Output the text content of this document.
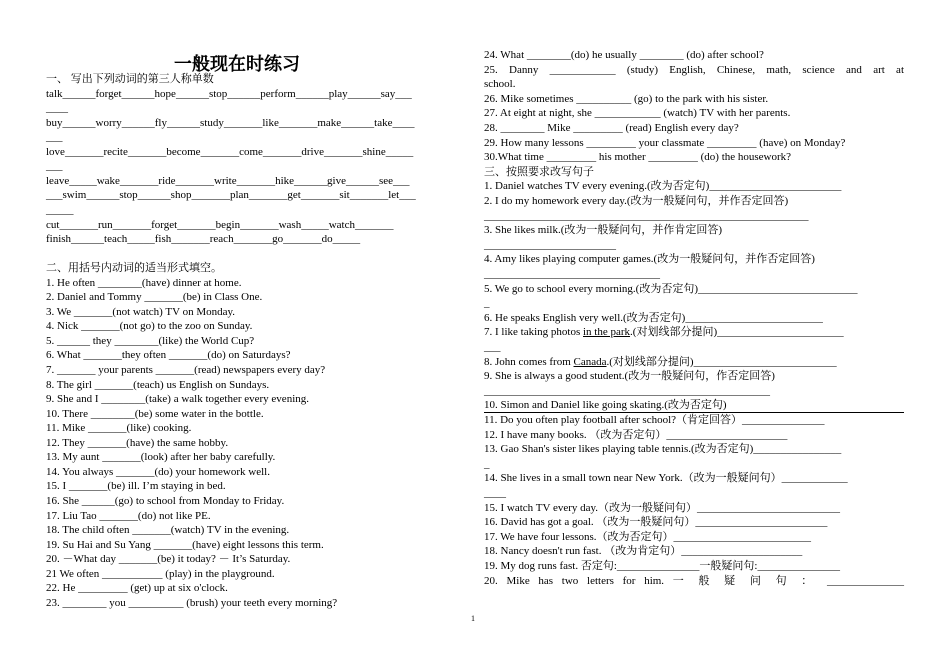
一般现在时练习
一、 写出下列动词的第三人称单数
talk______forget______hope______stop______perform______play______say___
____
buy______worry______fly______study_______like_______make______take____
___
love_______recite_______become_______come_______drive_______shine_____
___
leave_____wake_______ride_______write_______hike______give______see___
___swim______stop______shop_______plan_______get_______sit_______let___
_____
cut_______run_______forget_______begin_______wash_____watch_______
finish______teach_____fish_______reach_______go_______do_____
二、用括号内动词的适当形式填空。
1. He often ________(have) dinner at home.
2. Daniel and Tommy _______(be) in Class One.
3. We _______(not watch) TV on Monday.
4. Nick _______(not go) to the zoo on Sunday.
5. ______ they ________(like) the World Cup?
6. What _______they often _______(do) on Saturdays?
7. _______ your parents _______(read) newspapers every day?
8. The girl _______(teach) us English on Sundays.
9. She and I ________(take) a walk together every evening.
10. There ________(be) some water in the bottle.
11. Mike _______(like) cooking.
12. They _______(have) the same hobby.
13. My aunt _______(look) after her baby carefully.
14. You always _______(do) your homework well.
15. I _______(be) ill. I’m staying in bed.
16. She ______(go) to school from Monday to Friday.
17. Liu Tao _______(do) not like PE.
18. The child often _______(watch) TV in the evening.
19. Su Hai and Su Yang _______(have) eight lessons this term.
20. －What day _______(be) it today? － It’s Saturday.
21 We often ___________ (play) in the playground.
22. He _________ (get) up at six o'clock.
23. ________ you __________ (brush) your teeth every morning?
24. What ________(do) he usually ________ (do) after school?
25. Danny ____________ (study) English, Chinese, math, science and art at
school.
26. Mike sometimes __________ (go) to the park with his sister.
27. At eight at night, she ____________ (watch) TV with her parents.
28. ________ Mike _________ (read) English every day?
29. How many lessons _________ your classmate _________ (have) on Monday?
30.What time _________ his mother _________ (do) the housework?
三、按照要求改写句子
1. Daniel watches TV every evening.(改为否定句)________________________
2. I do my homework every day.(改为一般疑问句，并作否定回答)
___________________________________________________________
3. She likes milk.(改为一般疑问句，并作肯定回答)
________________________
4. Amy likes playing computer games.(改为一般疑问句，并作否定回答)
________________________________
5. We go to school every morning.(改为否定句)_____________________________
_
6. He speaks English very well.(改为否定句)_________________________
7. I like taking photos in the park.(对划线部分提问)_______________________
___
8. John comes from Canada.(对划线部分提问)__________________________
9. She is always a good student.(改为一般疑问句，作否定回答)
____________________________________________________
10. Simon and Daniel like going skating.(改为否定句)
11. Do you often play football after school?（肯定回答）_______________
12. I have many books. （改为否定句）______________________
13. Gao Shan's sister likes playing table tennis.(改为否定句)________________
_
14. She lives in a small town near New York.（改为一般疑问句）____________
____
15. I watch TV every day.（改为一般疑问句）__________________________
16. David has got a goal. （改为一般疑问句）________________________
17. We have four lessons.（改为否定句）_________________________
18. Nancy doesn't run fast. （改为肯定句）______________________
19. My dog runs fast. 否定句:_______________一般疑问句:_______________
20. Mike has two letters for him. 一 般 疑 问 句 ： ______________
1
